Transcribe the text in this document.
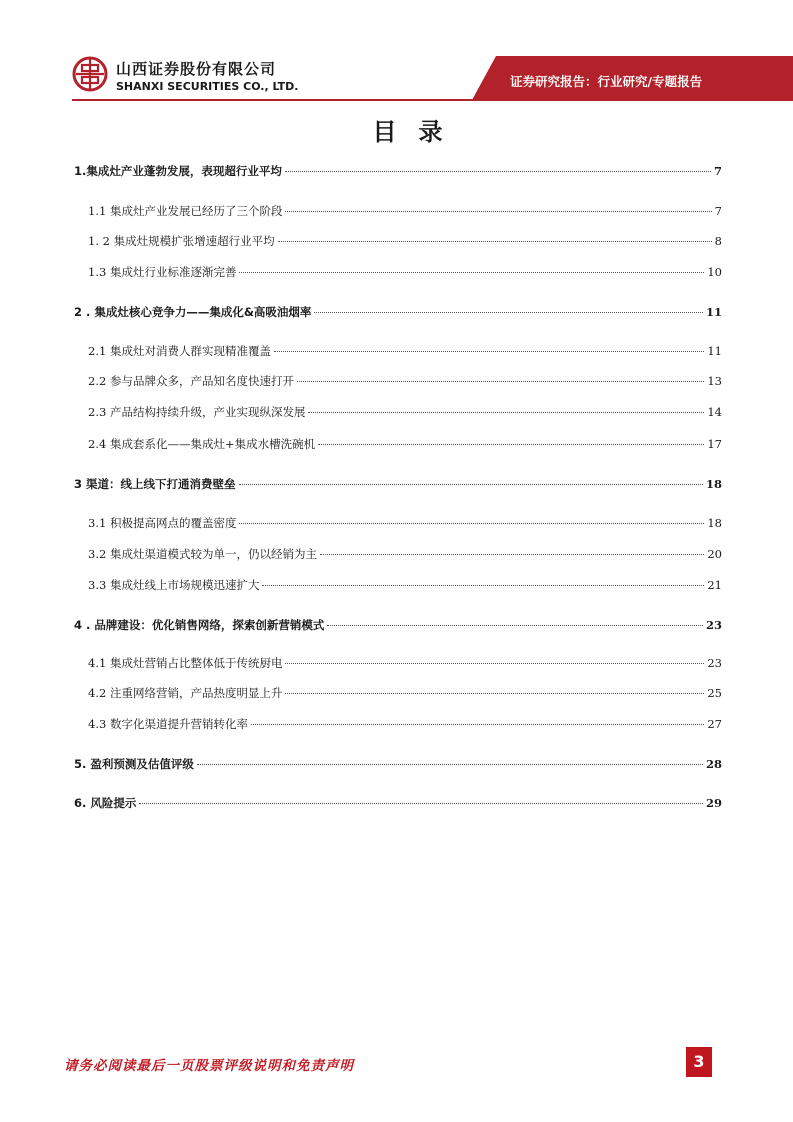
山西证券股份有限公司
SHANXI SECURITIES CO., LTD.	证券研究报告：行业研究/专题报告
目录
1.集成灶产业蓬勃发展，表现超行业平均	7
1.1 集成灶产业发展已经历了三个阶段	7
1. 2 集成灶规模扩张增速超行业平均	8
1.3 集成灶行业标准逐渐完善	10
2 . 集成灶核心竞争力——集成化&高吸油烟率	11
2.1 集成灶对消费人群实现精准覆盖	11
2.2 参与品牌众多，产品知名度快速打开	13
2.3 产品结构持续升级，产业实现纵深发展	14
2.4 集成套系化——集成灶+集成水槽洗碗机	17
3 渠道：线上线下打通消费壁垒	18
3.1 积极提高网点的覆盖密度	18
3.2 集成灶渠道模式较为单一，仍以经销为主	20
3.3 集成灶线上市场规模迅速扩大	21
4 . 品牌建设：优化销售网络，探索创新营销模式	23
4.1 集成灶营销占比整体低于传统厨电	23
4.2 注重网络营销，产品热度明显上升	25
4.3 数字化渠道提升营销转化率	27
5. 盈利预测及估值评级	28
6. 风险提示	29
请务必阅读最后一页股票评级说明和免责声明	3
